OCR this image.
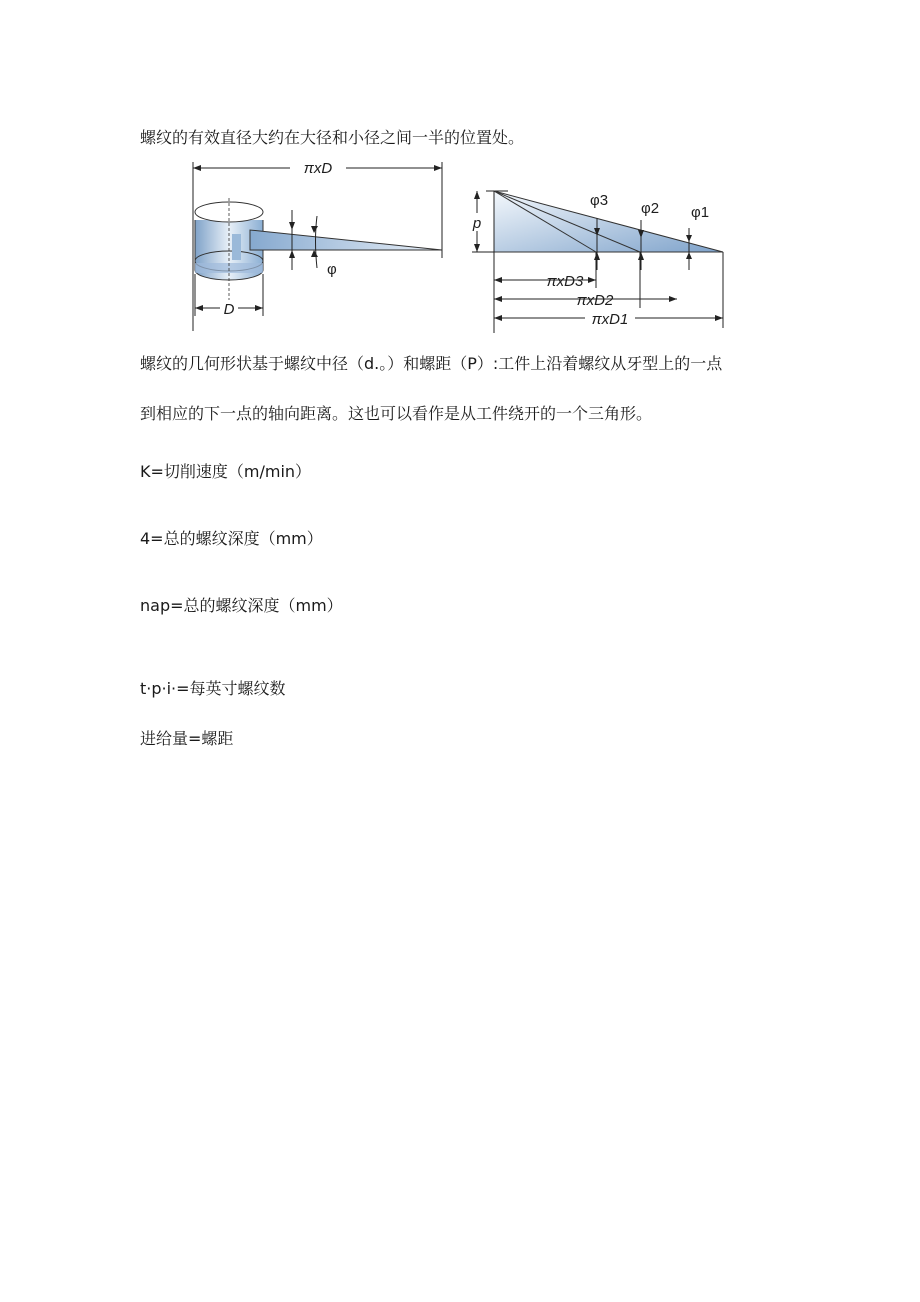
螺纹的有效直径大约在大径和小径之间一半的位置处。

πxD
φ
D
p
φ3 φ2 φ1
πxD3
πxD2
πxD1

螺纹的几何形状基于螺纹中径（d.。）和螺距（P）:工件上沿着螺纹从牙型上的一点

到相应的下一点的轴向距离。这也可以看作是从工件绕开的一个三角形。

K=切削速度（m/min）

4=总的螺纹深度（mm）

nap=总的螺纹深度（mm）

t·p·i·=每英寸螺纹数

进给量=螺距
